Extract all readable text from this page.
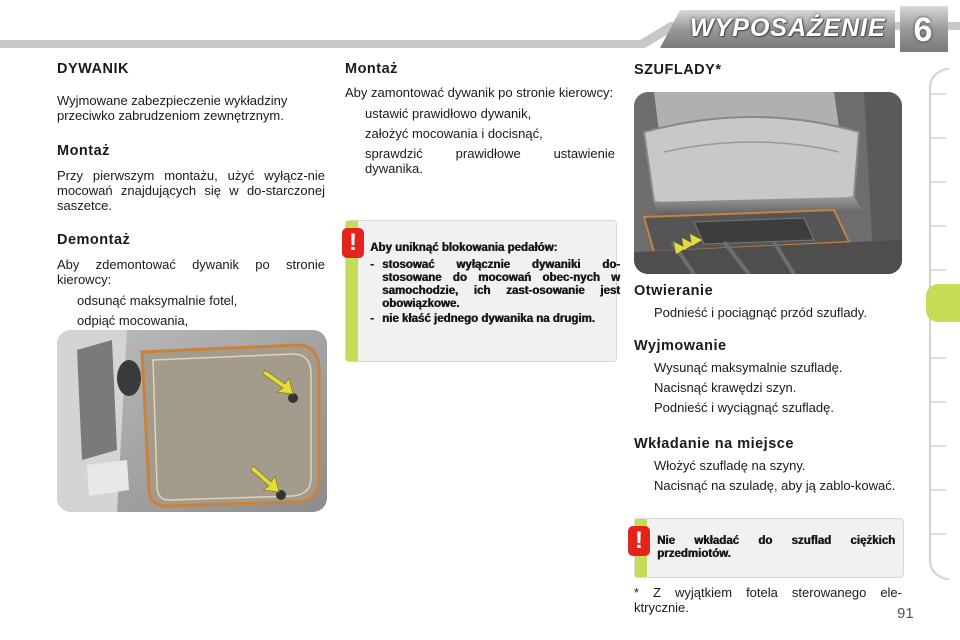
WYPOSAŻENIE 6
DYWANIK

Wyjmowane zabezpieczenie wykładziny przeciwko zabrudzeniom zewnętrznym.

Montaż

Przy pierwszym montażu, użyć wyłącz-nie mocowań znajdujących się w do-starczonej saszetce.

Demontaż

Aby zdemontować dywanik po stronie kierowcy:

odsunąć maksymalnie fotel,
odpiąć mocowania,
Montaż

Aby zamontować dywanik po stronie kierowcy:

ustawić prawidłowo dywanik,
założyć mocowania i docisnąć,
sprawdzić prawidłowe ustawienie dywanika.
!	Aby uniknąć blokowania pedałów:
- stosować wyłącznie dywaniki do-stosowane do mocowań obec-nych w samochodzie, ich zast-osowanie jest obowiązkowe.
- nie kłaść jednego dywanika na drugim.
SZUFLADY*
Otwieranie
Podnieść i pociągnąć przód szuflady.
Wyjmowanie
Wysunąć maksymalnie szufladę.
Nacisnąć krawędzi szyn.
Podnieść i wyciągnąć szufladę.
Wkładanie na miejsce
Włożyć szufladę na szyny.
Nacisnąć na szuladę, aby ją zablo-kować.
!	Nie wkładać do szuflad ciężkich przedmiotów.
* Z wyjątkiem fotela sterowanego ele-ktrycznie.	91
